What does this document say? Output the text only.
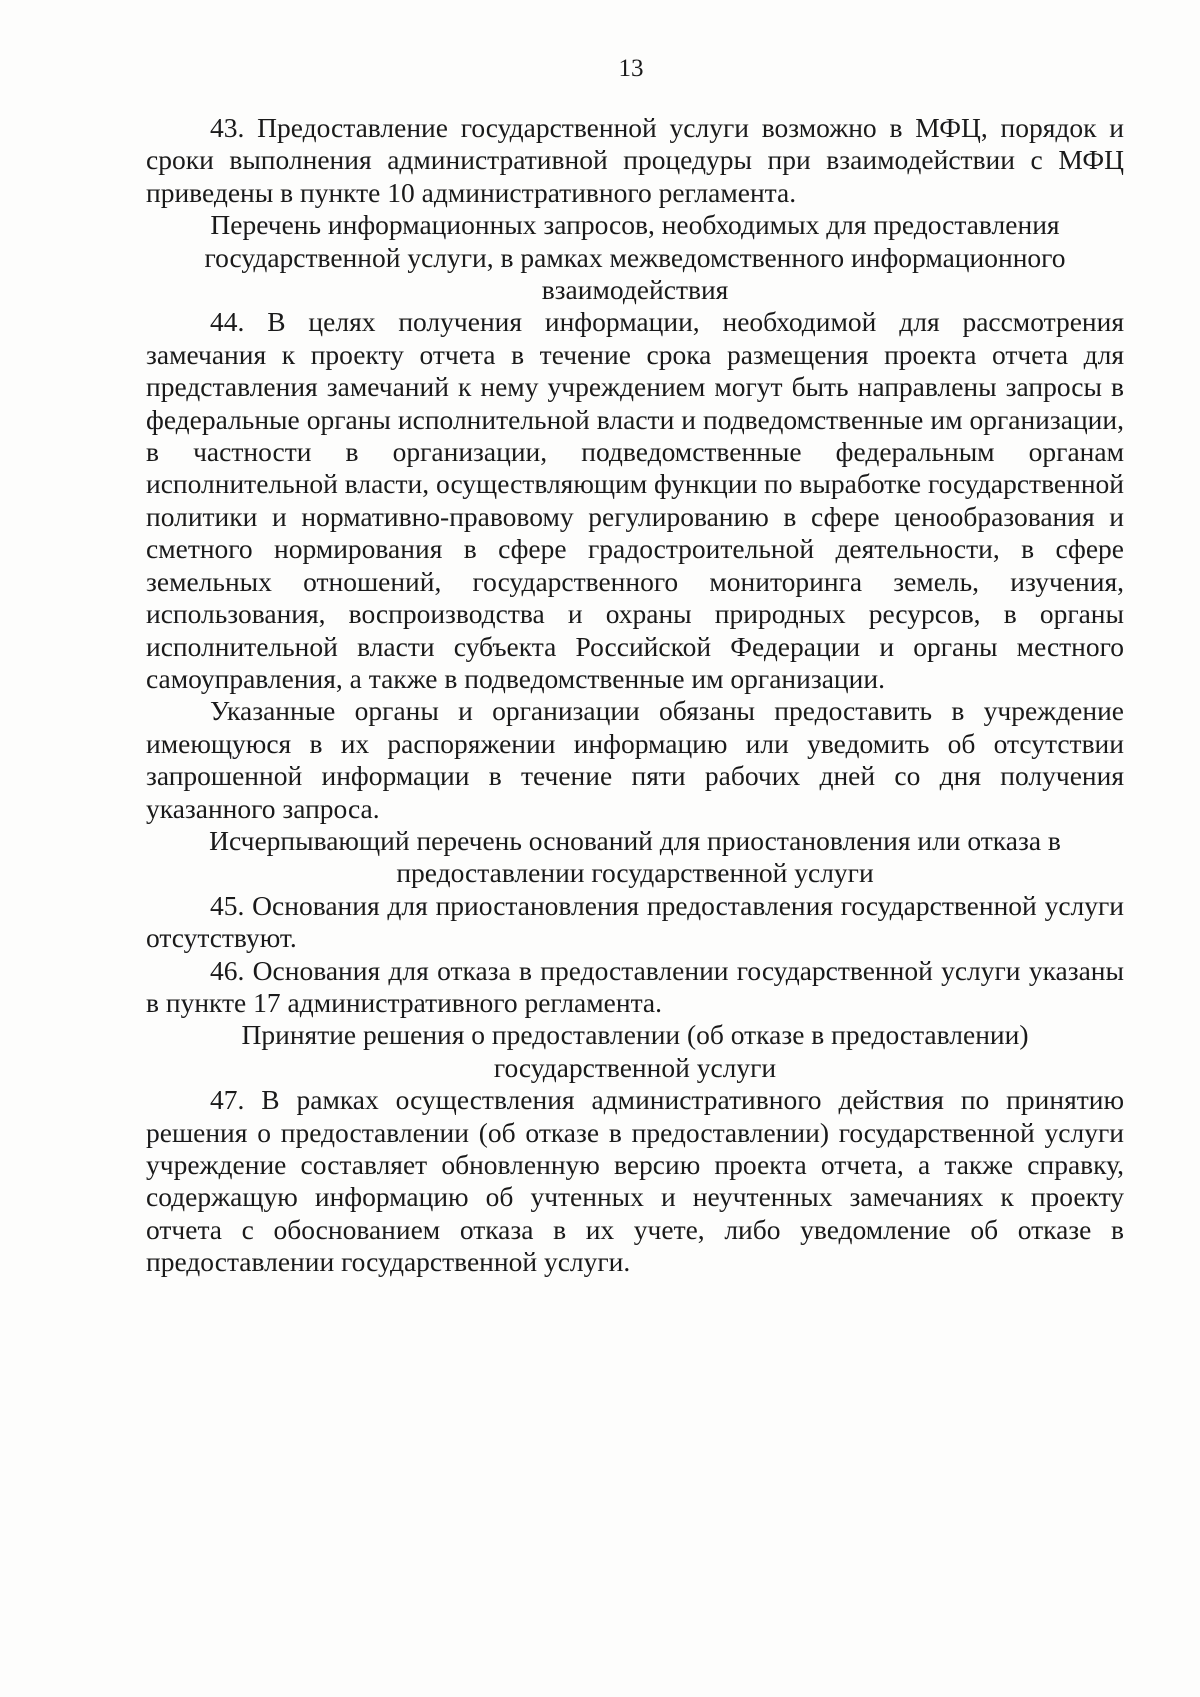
13

43. Предоставление государственной услуги возможно в МФЦ, порядок и сроки выполнения административной процедуры при взаимодействии с МФЦ приведены в пункте 10 административного регламента.

Перечень информационных запросов, необходимых для предоставления государственной услуги, в рамках межведомственного информационного взаимодействия

44. В целях получения информации, необходимой для рассмотрения замечания к проекту отчета в течение срока размещения проекта отчета для представления замечаний к нему учреждением могут быть направлены запросы в федеральные органы исполнительной власти и подведомственные им организации, в частности в организации, подведомственные федеральным органам исполнительной власти, осуществляющим функции по выработке государственной политики и нормативно-правовому регулированию в сфере ценообразования и сметного нормирования в сфере градостроительной деятельности, в сфере земельных отношений, государственного мониторинга земель, изучения, использования, воспроизводства и охраны природных ресурсов, в органы исполнительной власти субъекта Российской Федерации и органы местного самоуправления, а также в подведомственные им организации.

Указанные органы и организации обязаны предоставить в учреждение имеющуюся в их распоряжении информацию или уведомить об отсутствии запрошенной информации в течение пяти рабочих дней со дня получения указанного запроса.

Исчерпывающий перечень оснований для приостановления или отказа в предоставлении государственной услуги

45. Основания для приостановления предоставления государственной услуги отсутствуют.

46. Основания для отказа в предоставлении государственной услуги указаны в пункте 17 административного регламента.

Принятие решения о предоставлении (об отказе в предоставлении) государственной услуги

47. В рамках осуществления административного действия по принятию решения о предоставлении (об отказе в предоставлении) государственной услуги учреждение составляет обновленную версию проекта отчета, а также справку, содержащую информацию об учтенных и неучтенных замечаниях к проекту отчета с обоснованием отказа в их учете, либо уведомление об отказе в предоставлении государственной услуги.
